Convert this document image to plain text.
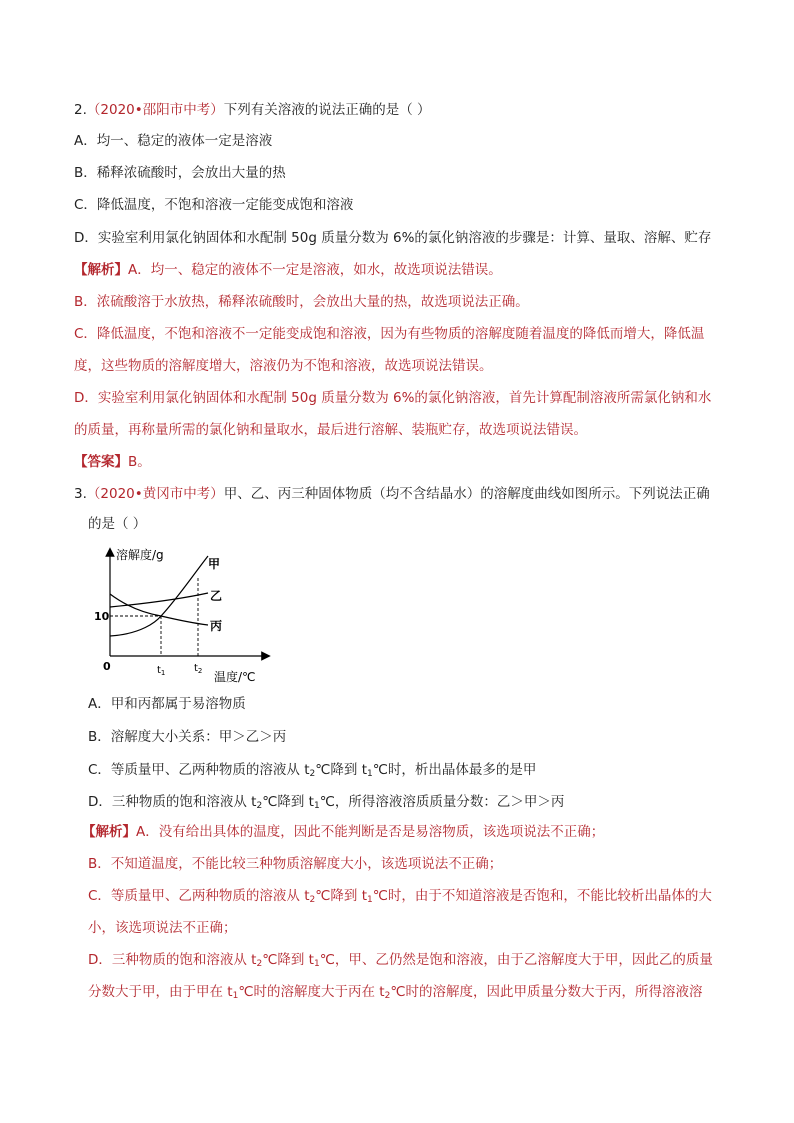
2.（2020•邵阳市中考）下列有关溶液的说法正确的是（ ）
A．均一、稳定的液体一定是溶液
B．稀释浓硫酸时，会放出大量的热
C．降低温度，不饱和溶液一定能变成饱和溶液
D．实验室利用氯化钠固体和水配制 50g 质量分数为 6%的氯化钠溶液的步骤是：计算、量取、溶解、贮存
【解析】A．均一、稳定的液体不一定是溶液，如水，故选项说法错误。
B．浓硫酸溶于水放热，稀释浓硫酸时，会放出大量的热，故选项说法正确。
C．降低温度，不饱和溶液不一定能变成饱和溶液，因为有些物质的溶解度随着温度的降低而增大，降低温
度，这些物质的溶解度增大，溶液仍为不饱和溶液，故选项说法错误。
D．实验室利用氯化钠固体和水配制 50g 质量分数为 6%的氯化钠溶液，首先计算配制溶液所需氯化钠和水
的质量，再称量所需的氯化钠和量取水，最后进行溶解、装瓶贮存，故选项说法错误。
【答案】B。
3.（2020•黄冈市中考）甲、乙、丙三种固体物质（均不含结晶水）的溶解度曲线如图所示。下列说法正确
的是（ ）
溶解度/g
温度/℃
0
10
$t_1$	$t_2$
甲
乙
丙
A．甲和丙都属于易溶物质
B．溶解度大小关系：甲＞乙＞丙
C．等质量甲、乙两种物质的溶液从 $t_2℃$降到 $t_1℃$时，析出晶体最多的是甲
D．三种物质的饱和溶液从 $t_2℃$降到 $t_1℃$，所得溶液溶质质量分数：乙＞甲＞丙
【解析】A．没有给出具体的温度，因此不能判断是否是易溶物质，该选项说法不正确；
B．不知道温度，不能比较三种物质溶解度大小，该选项说法不正确；
C．等质量甲、乙两种物质的溶液从 $t_2℃$降到 $t_1℃$时，由于不知道溶液是否饱和，不能比较析出晶体的大
小，该选项说法不正确；
D．三种物质的饱和溶液从 $t_2℃$降到 $t_1℃$，甲、乙仍然是饱和溶液，由于乙溶解度大于甲，因此乙的质量
分数大于甲，由于甲在 $t_1℃$时的溶解度大于丙在 $t_2℃$时的溶解度，因此甲质量分数大于丙，所得溶液溶
